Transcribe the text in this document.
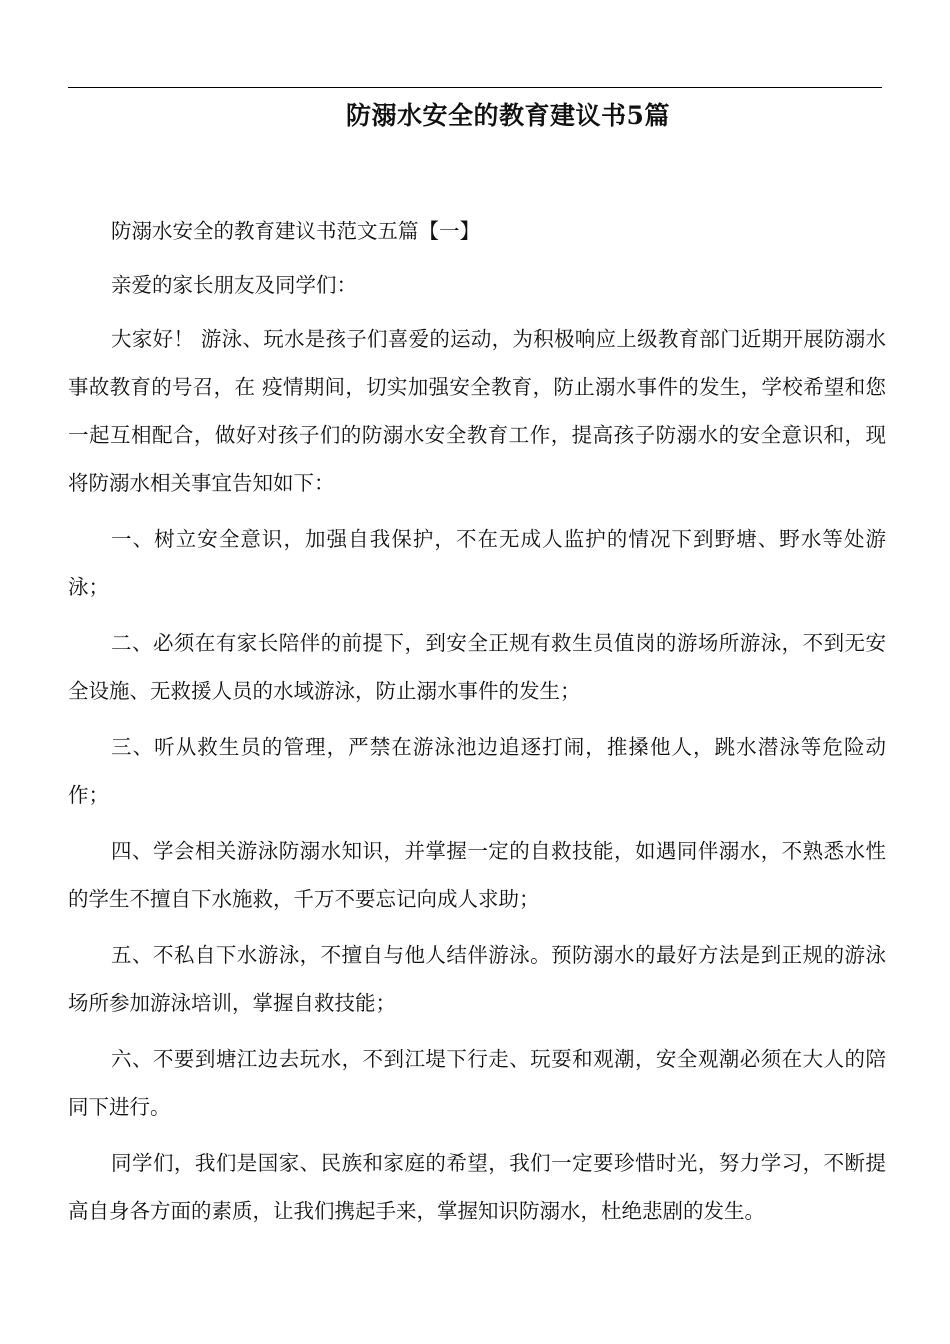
防溺水安全的教育建议书5篇

防溺水安全的教育建议书范文五篇【一】

亲爱的家长朋友及同学们：

大家好！ 游泳、玩水是孩子们喜爱的运动，为积极响应上级教育部门近期开展防溺水事故教育的号召，在 疫情期间，切实加强安全教育，防止溺水事件的发生，学校希望和您一起互相配合，做好对孩子们的防溺水安全教育工作，提高孩子防溺水的安全意识和，现将防溺水相关事宜告知如下：

一、树立安全意识，加强自我保护，不在无成人监护的情况下到野塘、野水等处游泳；

二、必须在有家长陪伴的前提下，到安全正规有救生员值岗的游场所游泳，不到无安全设施、无救援人员的水域游泳，防止溺水事件的发生；

三、听从救生员的管理，严禁在游泳池边追逐打闹，推搡他人，跳水潜泳等危险动作；

四、学会相关游泳防溺水知识，并掌握一定的自救技能，如遇同伴溺水，不熟悉水性的学生不擅自下水施救，千万不要忘记向成人求助；

五、不私自下水游泳，不擅自与他人结伴游泳。预防溺水的最好方法是到正规的游泳场所参加游泳培训，掌握自救技能；

六、不要到塘江边去玩水，不到江堤下行走、玩耍和观潮，安全观潮必须在大人的陪同下进行。

同学们，我们是国家、民族和家庭的希望，我们一定要珍惜时光，努力学习，不断提高自身各方面的素质，让我们携起手来，掌握知识防溺水，杜绝悲剧的发生。
